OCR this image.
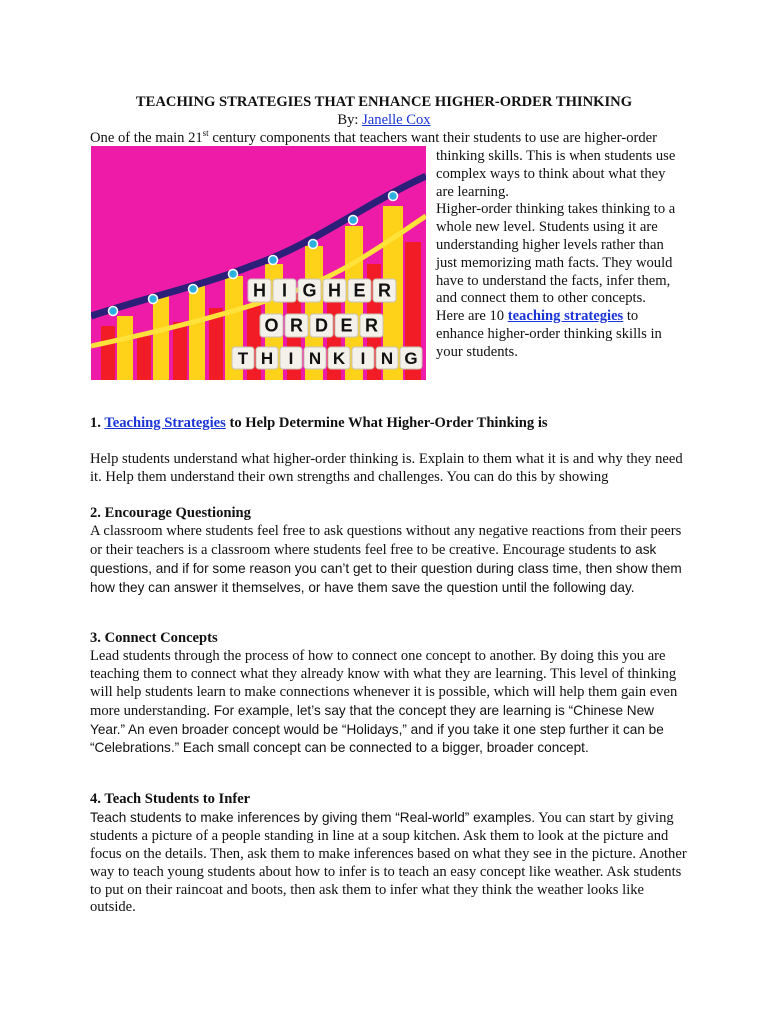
TEACHING STRATEGIES THAT ENHANCE HIGHER-ORDER THINKING
By: Janelle Cox
One of the main 21st century components that teachers want their students to use are higher-order
H I G H E R
O R D E R
T H I N K I N G

thinking skills. This is when students use complex ways to think about what they are learning.

Higher-order thinking takes thinking to a whole new level. Students using it are understanding higher levels rather than just memorizing math facts. They would have to understand the facts, infer them, and connect them to other concepts.

Here are 10 teaching strategies to enhance higher-order thinking skills in your students.

1. Teaching Strategies to Help Determine What Higher-Order Thinking is

Help students understand what higher-order thinking is. Explain to them what it is and why they need it. Help them understand their own strengths and challenges. You can do this by showing

2. Encourage Questioning

A classroom where students feel free to ask questions without any negative reactions from their peers or their teachers is a classroom where students feel free to be creative. Encourage students to ask questions, and if for some reason you can’t get to their question during class time, then show them how they can answer it themselves, or have them save the question until the following day.

3. Connect Concepts

Lead students through the process of how to connect one concept to another. By doing this you are teaching them to connect what they already know with what they are learning. This level of thinking will help students learn to make connections whenever it is possible, which will help them gain even more understanding. For example, let’s say that the concept they are learning is “Chinese New Year.” An even broader concept would be “Holidays,” and if you take it one step further it can be “Celebrations.” Each small concept can be connected to a bigger, broader concept.

4. Teach Students to Infer

Teach students to make inferences by giving them “Real-world” examples. You can start by giving students a picture of a people standing in line at a soup kitchen. Ask them to look at the picture and focus on the details. Then, ask them to make inferences based on what they see in the picture. Another way to teach young students about how to infer is to teach an easy concept like weather. Ask students to put on their raincoat and boots, then ask them to infer what they think the weather looks like outside.
